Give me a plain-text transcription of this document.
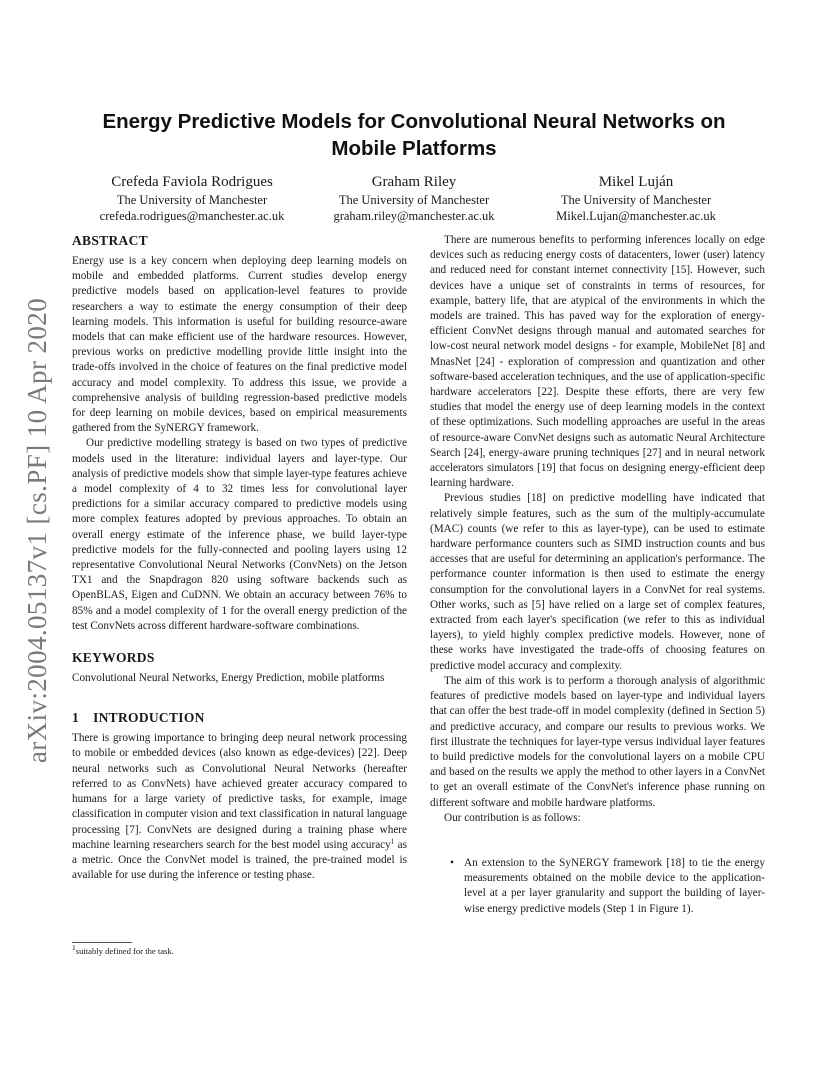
arXiv:2004.05137v1 [cs.PF] 10 Apr 2020
Energy Predictive Models for Convolutional Neural Networks on Mobile Platforms
Crefeda Faviola Rodrigues
The University of Manchester
crefeda.rodrigues@manchester.ac.uk
Graham Riley
The University of Manchester
graham.riley@manchester.ac.uk
Mikel Luján
The University of Manchester
Mikel.Lujan@manchester.ac.uk
ABSTRACT

Energy use is a key concern when deploying deep learning models on mobile and embedded platforms. Current studies develop energy predictive models based on application-level features to provide researchers a way to estimate the energy consumption of their deep learning models. This information is useful for building resource-aware models that can make efficient use of the hardware resources. However, previous works on predictive modelling provide little insight into the trade-offs involved in the choice of features on the final predictive model accuracy and model complexity. To address this issue, we provide a comprehensive analysis of building regression-based predictive models for deep learning on mobile devices, based on empirical measurements gathered from the SyNERGY framework.

Our predictive modelling strategy is based on two types of predictive models used in the literature: individual layers and layer-type. Our analysis of predictive models show that simple layer-type features achieve a model complexity of 4 to 32 times less for convolutional layer predictions for a similar accuracy compared to predictive models using more complex features adopted by previous approaches. To obtain an overall energy estimate of the inference phase, we build layer-type predictive models for the fully-connected and pooling layers using 12 representative Convolutional Neural Networks (ConvNets) on the Jetson TX1 and the Snapdragon 820 using software backends such as OpenBLAS, Eigen and CuDNN. We obtain an accuracy between 76% to 85% and a model complexity of 1 for the overall energy prediction of the test ConvNets across different hardware-software combinations.

KEYWORDS

Convolutional Neural Networks, Energy Prediction, mobile platforms

1 INTRODUCTION

There is growing importance to bringing deep neural network processing to mobile or embedded devices (also known as edge-devices) [22]. Deep neural networks such as Convolutional Neural Networks (hereafter referred to as ConvNets) have achieved greater accuracy compared to humans for a large variety of predictive tasks, for example, image classification in computer vision and text classification in natural language processing [7]. ConvNets are designed during a training phase where machine learning researchers search for the best model using accuracy$^1$ as a metric. Once the ConvNet model is trained, the pre-trained model is available for use during the inference or testing phase.

There are numerous benefits to performing inferences locally on edge devices such as reducing energy costs of datacenters, lower (user) latency and reduced need for constant internet connectivity [15]. However, such devices have a unique set of constraints in terms of resources, for example, battery life, that are atypical of the environments in which the models are trained. This has paved way for the exploration of energy-efficient ConvNet designs through manual and automated searches for low-cost neural network model designs - for example, MobileNet [8] and MnasNet [24] - exploration of compression and quantization and other software-based acceleration techniques, and the use of application-specific hardware accelerators [22]. Despite these efforts, there are very few studies that model the energy use of deep learning models in the context of these optimizations. Such modelling approaches are useful in the areas of resource-aware ConvNet designs such as automatic Neural Architecture Search [24], energy-aware pruning techniques [27] and in neural network accelerators simulators [19] that focus on designing energy-efficient deep learning hardware.

Previous studies [18] on predictive modelling have indicated that relatively simple features, such as the sum of the multiply-accumulate (MAC) counts (we refer to this as layer-type), can be used to estimate hardware performance counters such as SIMD instruction counts and bus accesses that are useful for determining an application's performance. The performance counter information is then used to estimate the energy consumption for the convolutional layers in a ConvNet for real systems. Other works, such as [5] have relied on a large set of complex features, extracted from each layer's specification (we refer to this as individual layers), to yield highly complex predictive models. However, none of these works have investigated the trade-offs of choosing features on predictive model accuracy and complexity.

The aim of this work is to perform a thorough analysis of algorithmic features of predictive models based on layer-type and individual layers that can offer the best trade-off in model complexity (defined in Section 5) and predictive accuracy, and compare our results to previous works. We first illustrate the techniques for layer-type versus individual layer features to build predictive models for the convolutional layers on a mobile CPU and based on the results we apply the method to other layers in a ConvNet to get an overall estimate of the ConvNet's inference phase running on different software and mobile hardware platforms.

Our contribution is as follows:

• An extension to the SyNERGY framework [18] to tie the energy measurements obtained on the mobile device to the application-level at a per layer granularity and support the building of layer-wise energy predictive models (Step 1 in Figure 1).
$^1$suitably defined for the task.
